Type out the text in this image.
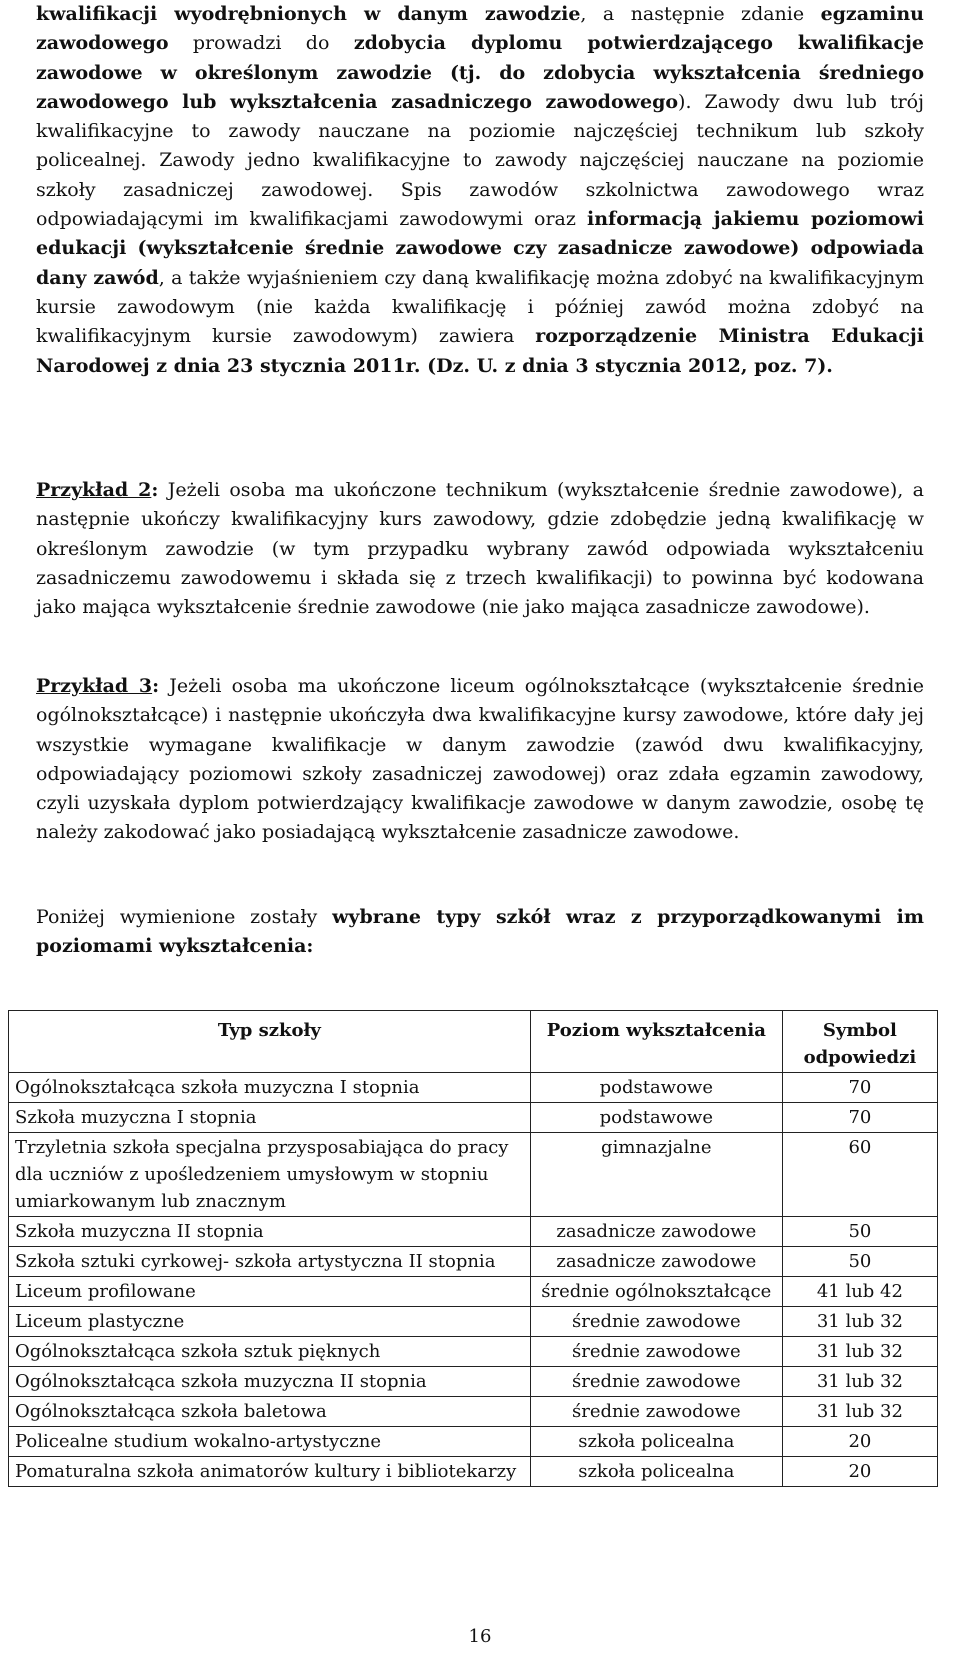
kwalifikacji wyodrębnionych w danym zawodzie, a następnie zdanie egzaminu zawodowego prowadzi do zdobycia dyplomu potwierdzającego kwalifikacje zawodowe w określonym zawodzie (tj. do zdobycia wykształcenia średniego zawodowego lub wykształcenia zasadniczego zawodowego). Zawody dwu lub trój kwalifikacyjne to zawody nauczane na poziomie najczęściej technikum lub szkoły policealnej. Zawody jedno kwalifikacyjne to zawody najczęściej nauczane na poziomie szkoły zasadniczej zawodowej. Spis zawodów szkolnictwa zawodowego wraz odpowiadającymi im kwalifikacjami zawodowymi oraz informacją jakiemu poziomowi edukacji (wykształcenie średnie zawodowe czy zasadnicze zawodowe) odpowiada dany zawód, a także wyjaśnieniem czy daną kwalifikację można zdobyć na kwalifikacyjnym kursie zawodowym (nie każda kwalifikację i później zawód można zdobyć na kwalifikacyjnym kursie zawodowym) zawiera rozporządzenie Ministra Edukacji Narodowej z dnia 23 stycznia 2011r. (Dz. U. z dnia 3 stycznia 2012, poz. 7).

Przykład 2: Jeżeli osoba ma ukończone technikum (wykształcenie średnie zawodowe), a następnie ukończy kwalifikacyjny kurs zawodowy, gdzie zdobędzie jedną kwalifikację w określonym zawodzie (w tym przypadku wybrany zawód odpowiada wykształceniu zasadniczemu zawodowemu i składa się z trzech kwalifikacji) to powinna być kodowana jako mająca wykształcenie średnie zawodowe (nie jako mająca zasadnicze zawodowe).

Przykład 3: Jeżeli osoba ma ukończone liceum ogólnokształcące (wykształcenie średnie ogólnokształcące) i następnie ukończyła dwa kwalifikacyjne kursy zawodowe, które dały jej wszystkie wymagane kwalifikacje w danym zawodzie (zawód dwu kwalifikacyjny, odpowiadający poziomowi szkoły zasadniczej zawodowej) oraz zdała egzamin zawodowy, czyli uzyskała dyplom potwierdzający kwalifikacje zawodowe w danym zawodzie, osobę tę należy zakodować jako posiadającą wykształcenie zasadnicze zawodowe.

Poniżej wymienione zostały wybrane typy szkół wraz z przyporządkowanymi im poziomami wykształcenia:

Typ szkoły	Poziom wykształcenia	Symbol odpowiedzi
Ogólnokształcąca szkoła muzyczna I stopnia	podstawowe	70
Szkoła muzyczna I stopnia	podstawowe	70
Trzyletnia szkoła specjalna przysposabiająca do pracy dla uczniów z upośledzeniem umysłowym w stopniu umiarkowanym lub znacznym	gimnazjalne	60
Szkoła muzyczna II stopnia	zasadnicze zawodowe	50
Szkoła sztuki cyrkowej- szkoła artystyczna II stopnia	zasadnicze zawodowe	50
Liceum profilowane	średnie ogólnokształcące	41 lub 42
Liceum plastyczne	średnie zawodowe	31 lub 32
Ogólnokształcąca szkoła sztuk pięknych	średnie zawodowe	31 lub 32
Ogólnokształcąca szkoła muzyczna II stopnia	średnie zawodowe	31 lub 32
Ogólnokształcąca szkoła baletowa	średnie zawodowe	31 lub 32
Policealne studium wokalno-artystyczne	szkoła policealna	20
Pomaturalna szkoła animatorów kultury i bibliotekarzy	szkoła policealna	20
16
